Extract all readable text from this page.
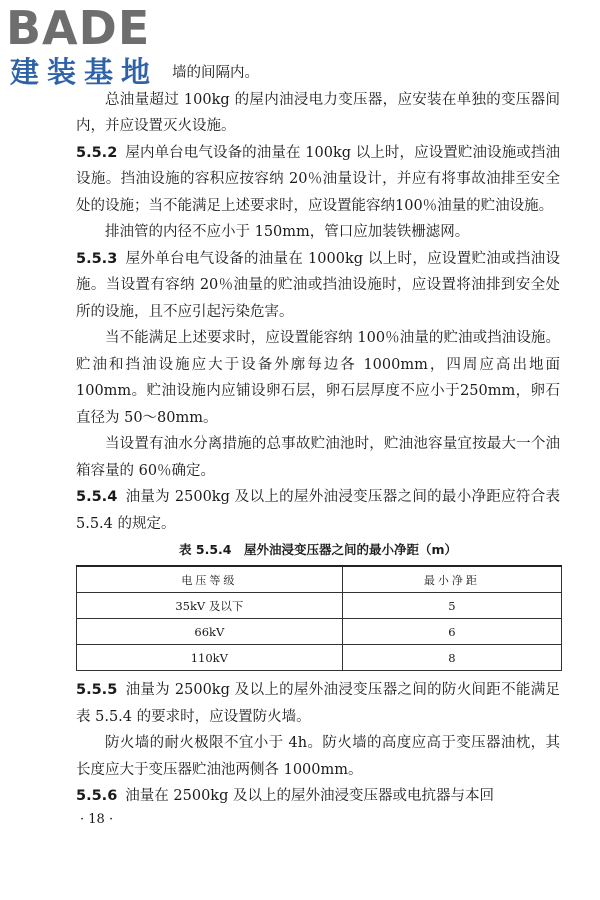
BADE
建装基地 墙的间隔内。

总油量超过 100kg 的屋内油浸电力变压器，应安装在单独的变压器间内，并应设置灭火设施。

5.5.2 屋内单台电气设备的油量在 100kg 以上时，应设置贮油设施或挡油设施。挡油设施的容积应按容纳 20％油量设计，并应有将事故油排至安全处的设施；当不能满足上述要求时，应设置能容纳100％油量的贮油设施。

排油管的内径不应小于 150mm，管口应加装铁栅滤网。

5.5.3 屋外单台电气设备的油量在 1000kg 以上时，应设置贮油或挡油设施。当设置有容纳 20％油量的贮油或挡油设施时，应设置将油排到安全处所的设施，且不应引起污染危害。

当不能满足上述要求时，应设置能容纳 100％油量的贮油或挡油设施。贮油和挡油设施应大于设备外廓每边各 1000mm，四周应高出地面 100mm。贮油设施内应铺设卵石层，卵石层厚度不应小于250mm，卵石直径为 50～80mm。

当设置有油水分离措施的总事故贮油池时，贮油池容量宜按最大一个油箱容量的 60％确定。

5.5.4 油量为 2500kg 及以上的屋外油浸变压器之间的最小净距应符合表 5.5.4 的规定。

表 5.5.4　屋外油浸变压器之间的最小净距（m）
电压等级	最小净距
35kV 及以下	5
66kV	6
110kV	8

5.5.5 油量为 2500kg 及以上的屋外油浸变压器之间的防火间距不能满足表 5.5.4 的要求时，应设置防火墙。

防火墙的耐火极限不宜小于 4h。防火墙的高度应高于变压器油枕，其长度应大于变压器贮油池两侧各 1000mm。

5.5.6 油量在 2500kg 及以上的屋外油浸变压器或电抗器与本回

· 18 ·
